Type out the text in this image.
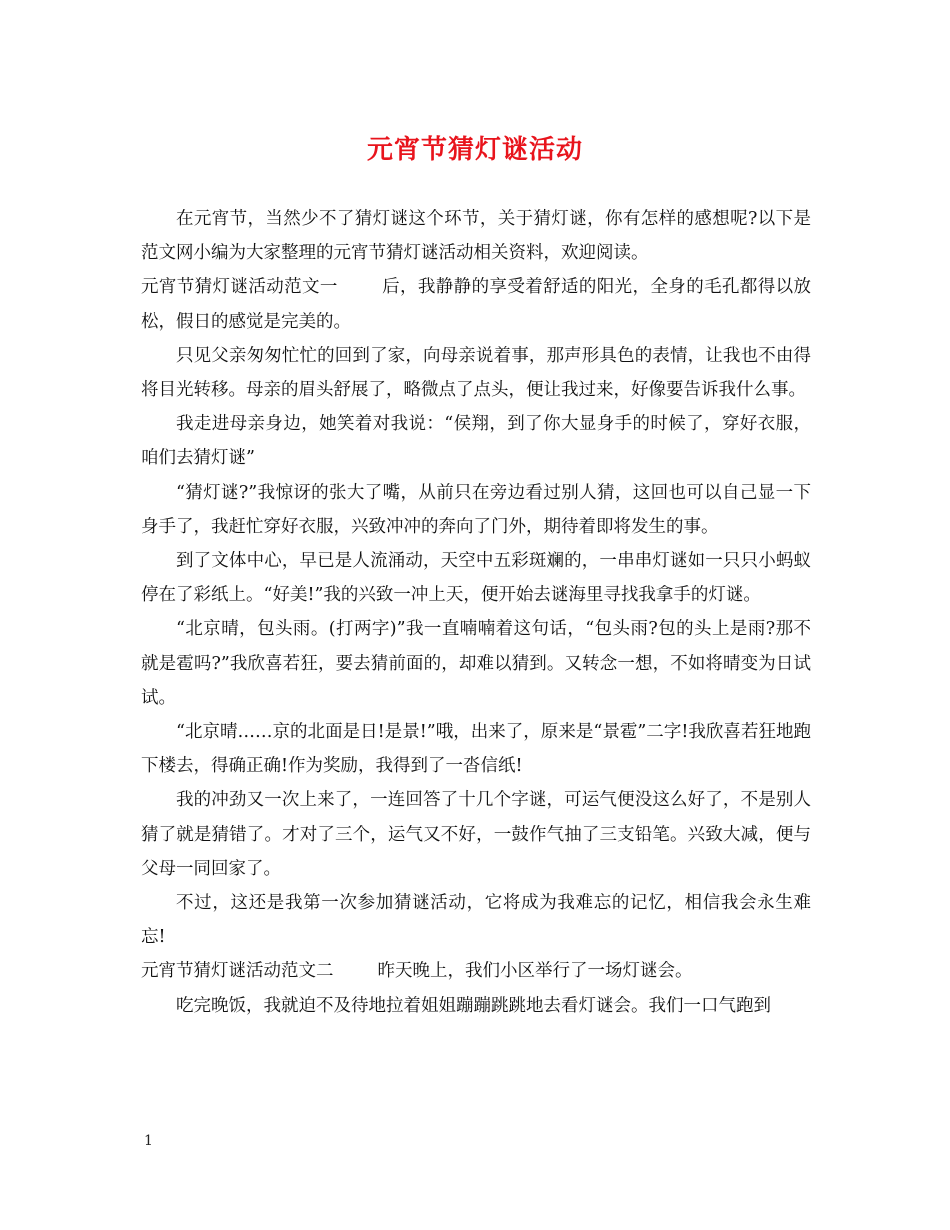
元宵节猜灯谜活动

在元宵节，当然少不了猜灯谜这个环节，关于猜灯谜，你有怎样的感想呢?以下是范文网小编为大家整理的元宵节猜灯谜活动相关资料，欢迎阅读。

元宵节猜灯谜活动范文一	后，我静静的享受着舒适的阳光，全身的毛孔都得以放松，假日的感觉是完美的。

只见父亲匆匆忙忙的回到了家，向母亲说着事，那声形具色的表情，让我也不由得将目光转移。母亲的眉头舒展了，略微点了点头，便让我过来，好像要告诉我什么事。

我走进母亲身边，她笑着对我说：“侯翔，到了你大显身手的时候了，穿好衣服，咱们去猜灯谜”

“猜灯谜?”我惊讶的张大了嘴，从前只在旁边看过别人猜，这回也可以自己显一下身手了，我赶忙穿好衣服，兴致冲冲的奔向了门外，期待着即将发生的事。

到了文体中心，早已是人流涌动，天空中五彩斑斓的，一串串灯谜如一只只小蚂蚁停在了彩纸上。“好美!”我的兴致一冲上天，便开始去谜海里寻找我拿手的灯谜。

“北京晴，包头雨。(打两字)”我一直喃喃着这句话，“包头雨?包的头上是雨?那不就是雹吗?”我欣喜若狂，要去猜前面的，却难以猜到。又转念一想，不如将晴变为日试试。

“北京晴……京的北面是日!是景!”哦，出来了，原来是“景雹”二字!我欣喜若狂地跑下楼去，得确正确!作为奖励，我得到了一沓信纸!

我的冲劲又一次上来了，一连回答了十几个字谜，可运气便没这么好了，不是别人猜了就是猜错了。才对了三个，运气又不好，一鼓作气抽了三支铅笔。兴致大减，便与父母一同回家了。

不过，这还是我第一次参加猜谜活动，它将成为我难忘的记忆，相信我会永生难忘!

元宵节猜灯谜活动范文二	昨天晚上，我们小区举行了一场灯谜会。

吃完晚饭，我就迫不及待地拉着姐姐蹦蹦跳跳地去看灯谜会。我们一口气跑到

1
